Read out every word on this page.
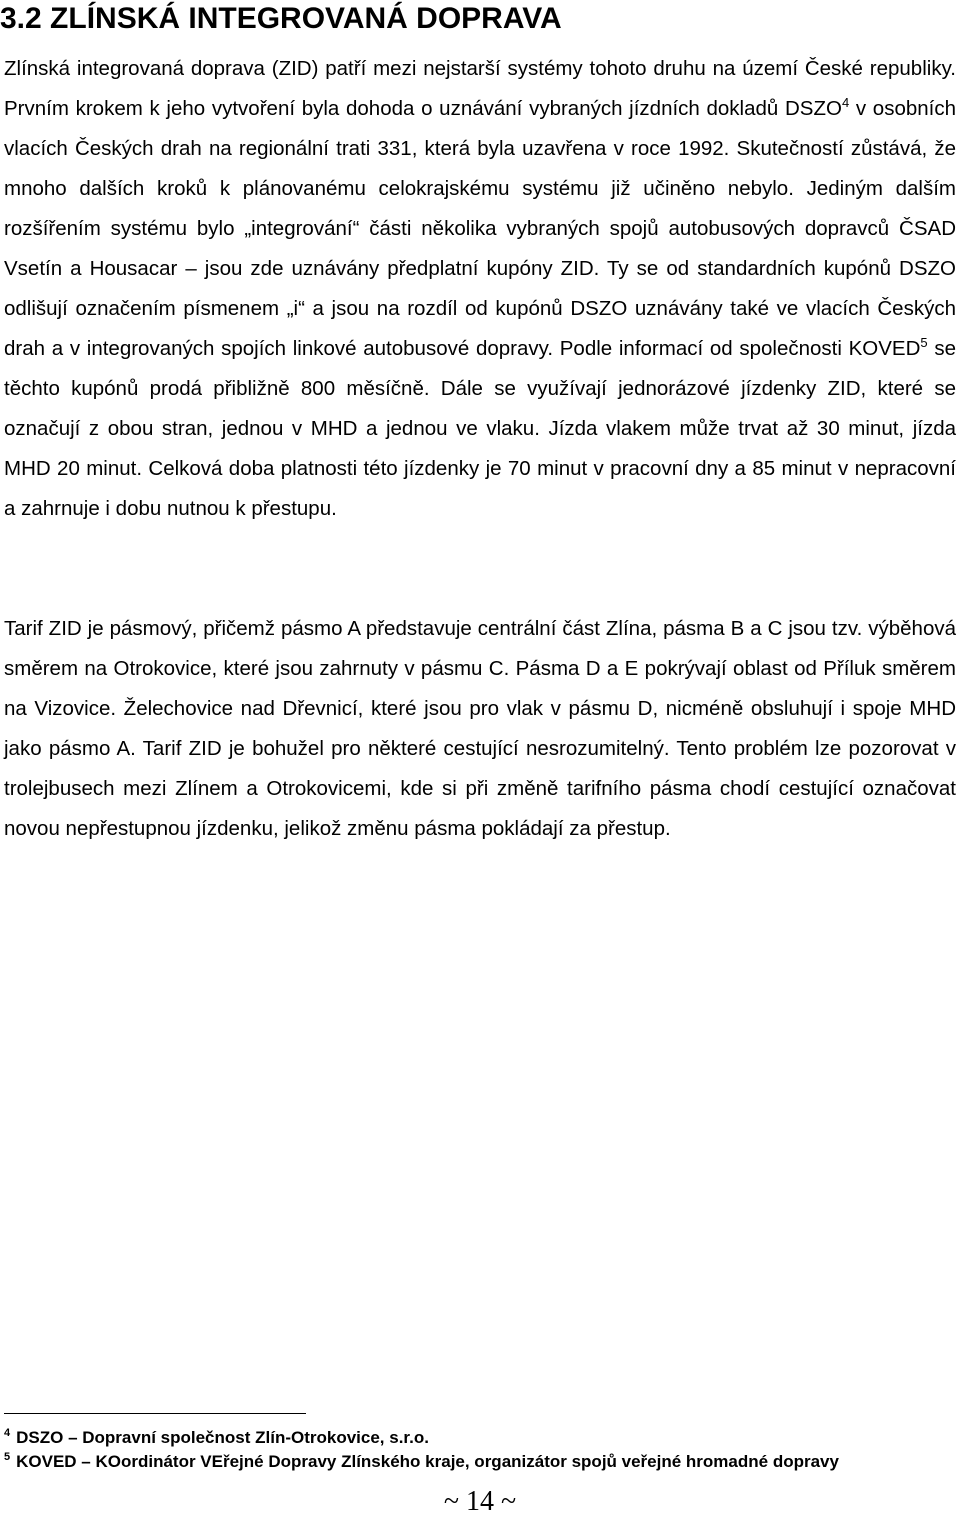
3.2 ZLÍNSKÁ INTEGROVANÁ DOPRAVA

Zlínská integrovaná doprava (ZID) patří mezi nejstarší systémy tohoto druhu na území České republiky. Prvním krokem k jeho vytvoření byla dohoda o uznávání vybraných jízdních dokladů DSZO$^4$ v osobních vlacích Českých drah na regionální trati 331, která byla uzavřena v roce 1992. Skutečností zůstává, že mnoho dalších kroků k plánovanému celokrajskému systému již učiněno nebylo. Jediným dalším rozšířením systému bylo „integrování“ části několika vybraných spojů autobusových dopravců ČSAD Vsetín a Housacar – jsou zde uznávány předplatní kupóny ZID. Ty se od standardních kupónů DSZO odlišují označením písmenem „i“ a jsou na rozdíl od kupónů DSZO uznávány také ve vlacích Českých drah a v integrovaných spojích linkové autobusové dopravy. Podle informací od společnosti KOVED$^5$ se těchto kupónů prodá přibližně 800 měsíčně. Dále se využívají jednorázové jízdenky ZID, které se označují z obou stran, jednou v MHD a jednou ve vlaku. Jízda vlakem může trvat až 30 minut, jízda MHD 20 minut. Celková doba platnosti této jízdenky je 70 minut v pracovní dny a 85 minut v nepracovní a zahrnuje i dobu nutnou k přestupu.

Tarif ZID je pásmový, přičemž pásmo A představuje centrální část Zlína, pásma B a C jsou tzv. výběhová směrem na Otrokovice, které jsou zahrnuty v pásmu C. Pásma D a E pokrývají oblast od Příluk směrem na Vizovice. Želechovice nad Dřevnicí, které jsou pro vlak v pásmu D, nicméně obsluhují i spoje MHD jako pásmo A. Tarif ZID je bohužel pro některé cestující nesrozumitelný. Tento problém lze pozorovat v trolejbusech mezi Zlínem a Otrokovicemi, kde si při změně tarifního pásma chodí cestující označovat novou nepřestupnou jízdenku, jelikož změnu pásma pokládají za přestup.

$^4$ DSZO – Dopravní společnost Zlín-Otrokovice, s.r.o.

$^5$ KOVED – KOordinátor VEřejné Dopravy Zlínského kraje, organizátor spojů veřejné hromadné dopravy

~ 14 ~
